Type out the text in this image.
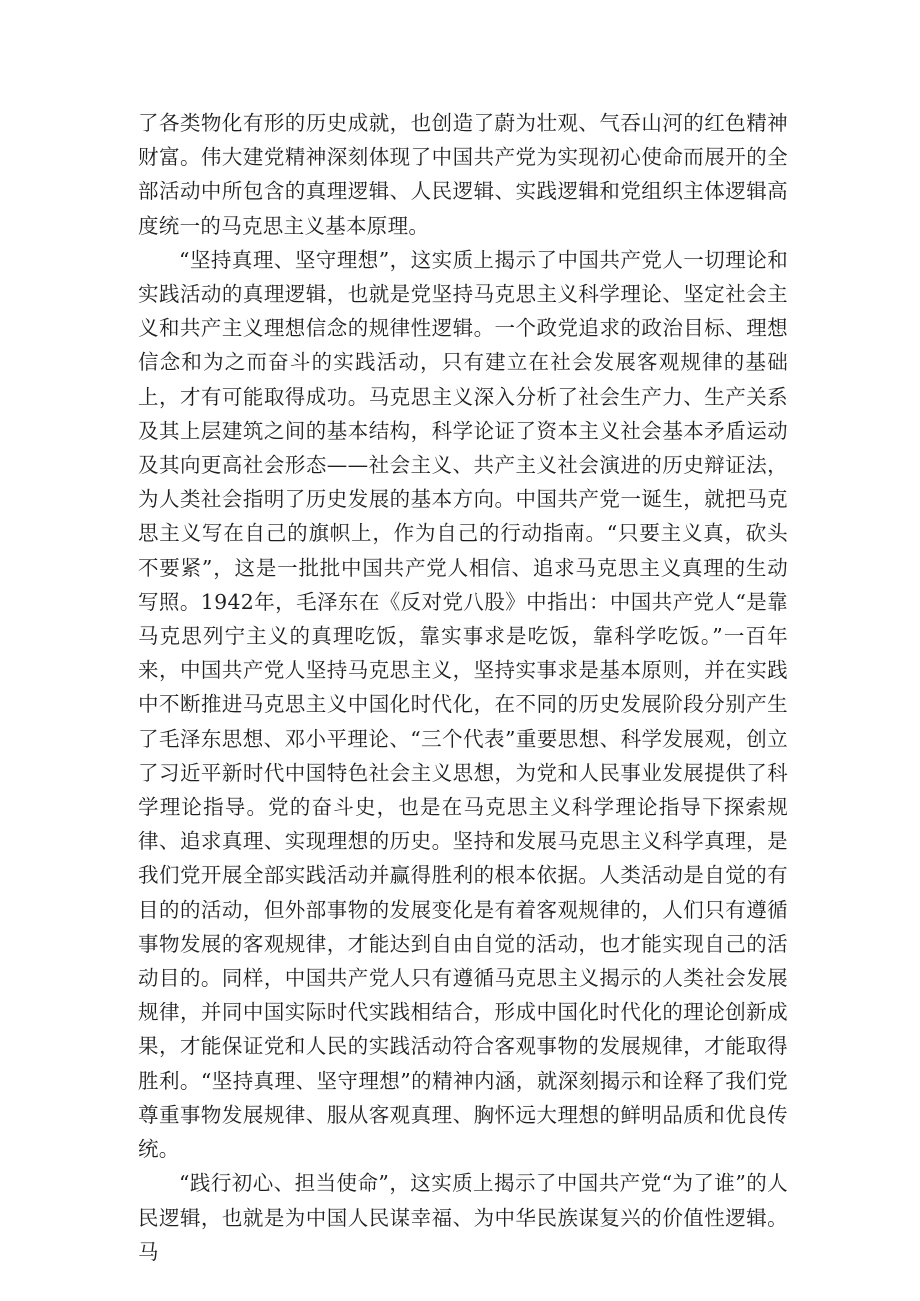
了各类物化有形的历史成就，也创造了蔚为壮观、气吞山河的红色精神财富。伟大建党精神深刻体现了中国共产党为实现初心使命而展开的全部活动中所包含的真理逻辑、人民逻辑、实践逻辑和党组织主体逻辑高度统一的马克思主义基本原理。

“坚持真理、坚守理想”，这实质上揭示了中国共产党人一切理论和实践活动的真理逻辑，也就是党坚持马克思主义科学理论、坚定社会主义和共产主义理想信念的规律性逻辑。一个政党追求的政治目标、理想信念和为之而奋斗的实践活动，只有建立在社会发展客观规律的基础上，才有可能取得成功。马克思主义深入分析了社会生产力、生产关系及其上层建筑之间的基本结构，科学论证了资本主义社会基本矛盾运动及其向更高社会形态——社会主义、共产主义社会演进的历史辩证法，为人类社会指明了历史发展的基本方向。中国共产党一诞生，就把马克思主义写在自己的旗帜上，作为自己的行动指南。“只要主义真，砍头不要紧”，这是一批批中国共产党人相信、追求马克思主义真理的生动写照。1942年，毛泽东在《反对党八股》中指出：中国共产党人“是靠马克思列宁主义的真理吃饭，靠实事求是吃饭，靠科学吃饭。”一百年来，中国共产党人坚持马克思主义，坚持实事求是基本原则，并在实践中不断推进马克思主义中国化时代化，在不同的历史发展阶段分别产生了毛泽东思想、邓小平理论、“三个代表”重要思想、科学发展观，创立了习近平新时代中国特色社会主义思想，为党和人民事业发展提供了科学理论指导。党的奋斗史，也是在马克思主义科学理论指导下探索规律、追求真理、实现理想的历史。坚持和发展马克思主义科学真理，是我们党开展全部实践活动并赢得胜利的根本依据。人类活动是自觉的有目的的活动，但外部事物的发展变化是有着客观规律的，人们只有遵循事物发展的客观规律，才能达到自由自觉的活动，也才能实现自己的活动目的。同样，中国共产党人只有遵循马克思主义揭示的人类社会发展规律，并同中国实际时代实践相结合，形成中国化时代化的理论创新成果，才能保证党和人民的实践活动符合客观事物的发展规律，才能取得胜利。“坚持真理、坚守理想”的精神内涵，就深刻揭示和诠释了我们党尊重事物发展规律、服从客观真理、胸怀远大理想的鲜明品质和优良传统。

“践行初心、担当使命”，这实质上揭示了中国共产党“为了谁”的人民逻辑，也就是为中国人民谋幸福、为中华民族谋复兴的价值性逻辑。马
